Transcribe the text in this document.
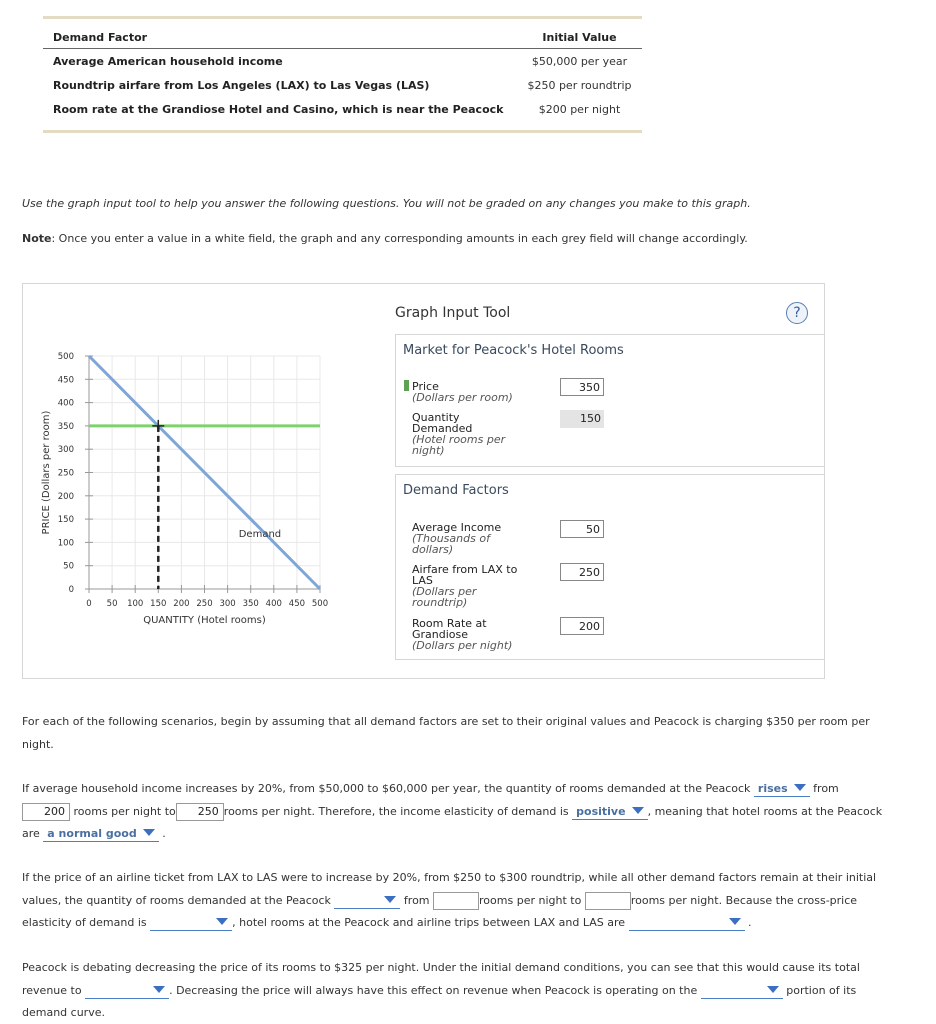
Demand Factor	Initial Value
Average American household income	$50,000 per year
Roundtrip airfare from Los Angeles (LAX) to Las Vegas (LAS)	$250 per roundtrip
Room rate at the Grandiose Hotel and Casino, which is near the Peacock	$200 per night
Use the graph input tool to help you answer the following questions. You will not be graded on any changes you make to this graph.
Note: Once you enter a value in a white field, the graph and any corresponding amounts in each grey field will change accordingly.
0 50 100 150 200 250 300 350 400 450 500
0
50
100
150
200
250
300
350
400
450
500
QUANTITY (Hotel rooms)
PRICE (Dollars per room)
Demand
Graph Input Tool	?
Market for Peacock's Hotel Rooms
Price
(Dollars per room)
350
Quantity
Demanded
(Hotel rooms per
night)
150
Demand Factors
Average Income
(Thousands of
dollars)
50
Airfare from LAX to
LAS
(Dollars per
roundtrip)
250
Room Rate at
Grandiose
(Dollars per night)
200
For each of the following scenarios, begin by assuming that all demand factors are set to their original values and Peacock is charging $350 per room per night.
If average household income increases by 20%, from $50,000 to $60,000 per year, the quantity of rooms demanded at the Peacock rises from 200 rooms per night to 250 rooms per night. Therefore, the income elasticity of demand is positive , meaning that hotel rooms at the Peacock are a normal good .
If the price of an airline ticket from LAX to LAS were to increase by 20%, from $250 to $300 roundtrip, while all other demand factors remain at their initial values, the quantity of rooms demanded at the Peacock	from	rooms per night to	rooms per night. Because the cross-price elasticity of demand is	, hotel rooms at the Peacock and airline trips between LAX and LAS are	.
Peacock is debating decreasing the price of its rooms to $325 per night. Under the initial demand conditions, you can see that this would cause its total revenue to	. Decreasing the price will always have this effect on revenue when Peacock is operating on the	portion of its demand curve.
